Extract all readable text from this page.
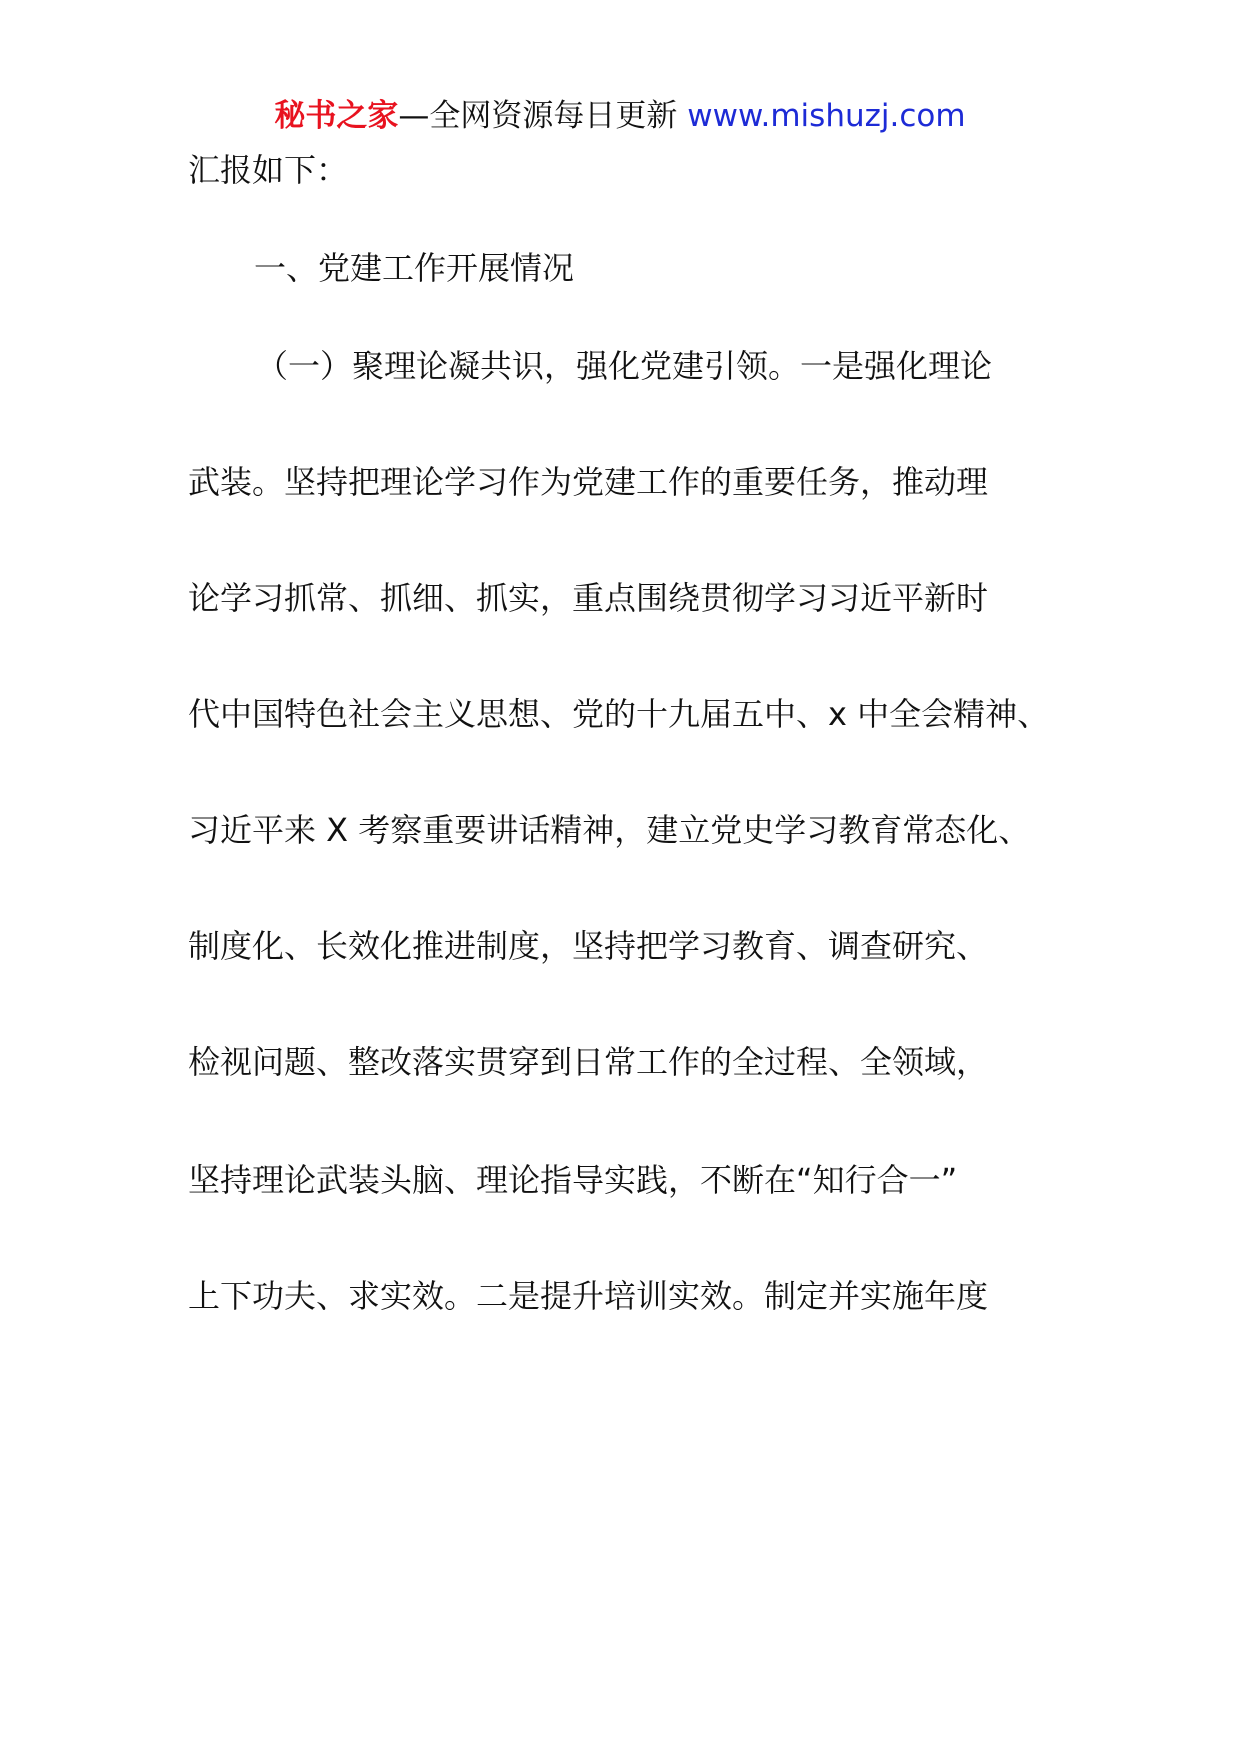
秘书之家—全网资源每日更新 www.mishuzj.com
汇报如下：
一、党建工作开展情况
（一）聚理论凝共识，强化党建引领。一是强化理论
武装。坚持把理论学习作为党建工作的重要任务，推动理
论学习抓常、抓细、抓实，重点围绕贯彻学习习近平新时
代中国特色社会主义思想、党的十九届五中、x 中全会精神、
习近平来 X 考察重要讲话精神，建立党史学习教育常态化、
制度化、长效化推进制度，坚持把学习教育、调查研究、
检视问题、整改落实贯穿到日常工作的全过程、全领域，
坚持理论武装头脑、理论指导实践，不断在“知行合一”
上下功夫、求实效。二是提升培训实效。制定并实施年度
